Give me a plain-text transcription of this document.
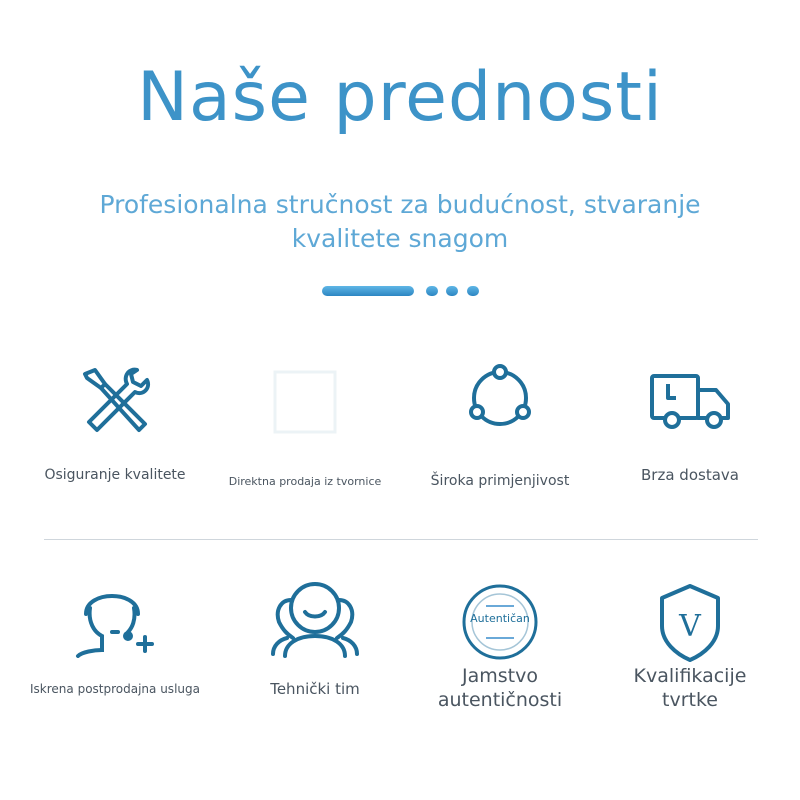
Naše prednosti
Profesionalna stručnost za budućnost, stvaranje
kvalitete snagom
Osiguranje kvalitete	Direktna prodaja iz tvornice	Široka primjenjivost	Brza dostava
Iskrena postprodajna usluga	Tehnički tim
Autentičan
Jamstvo
autentičnosti
V
Kvalifikacije
tvrtke
